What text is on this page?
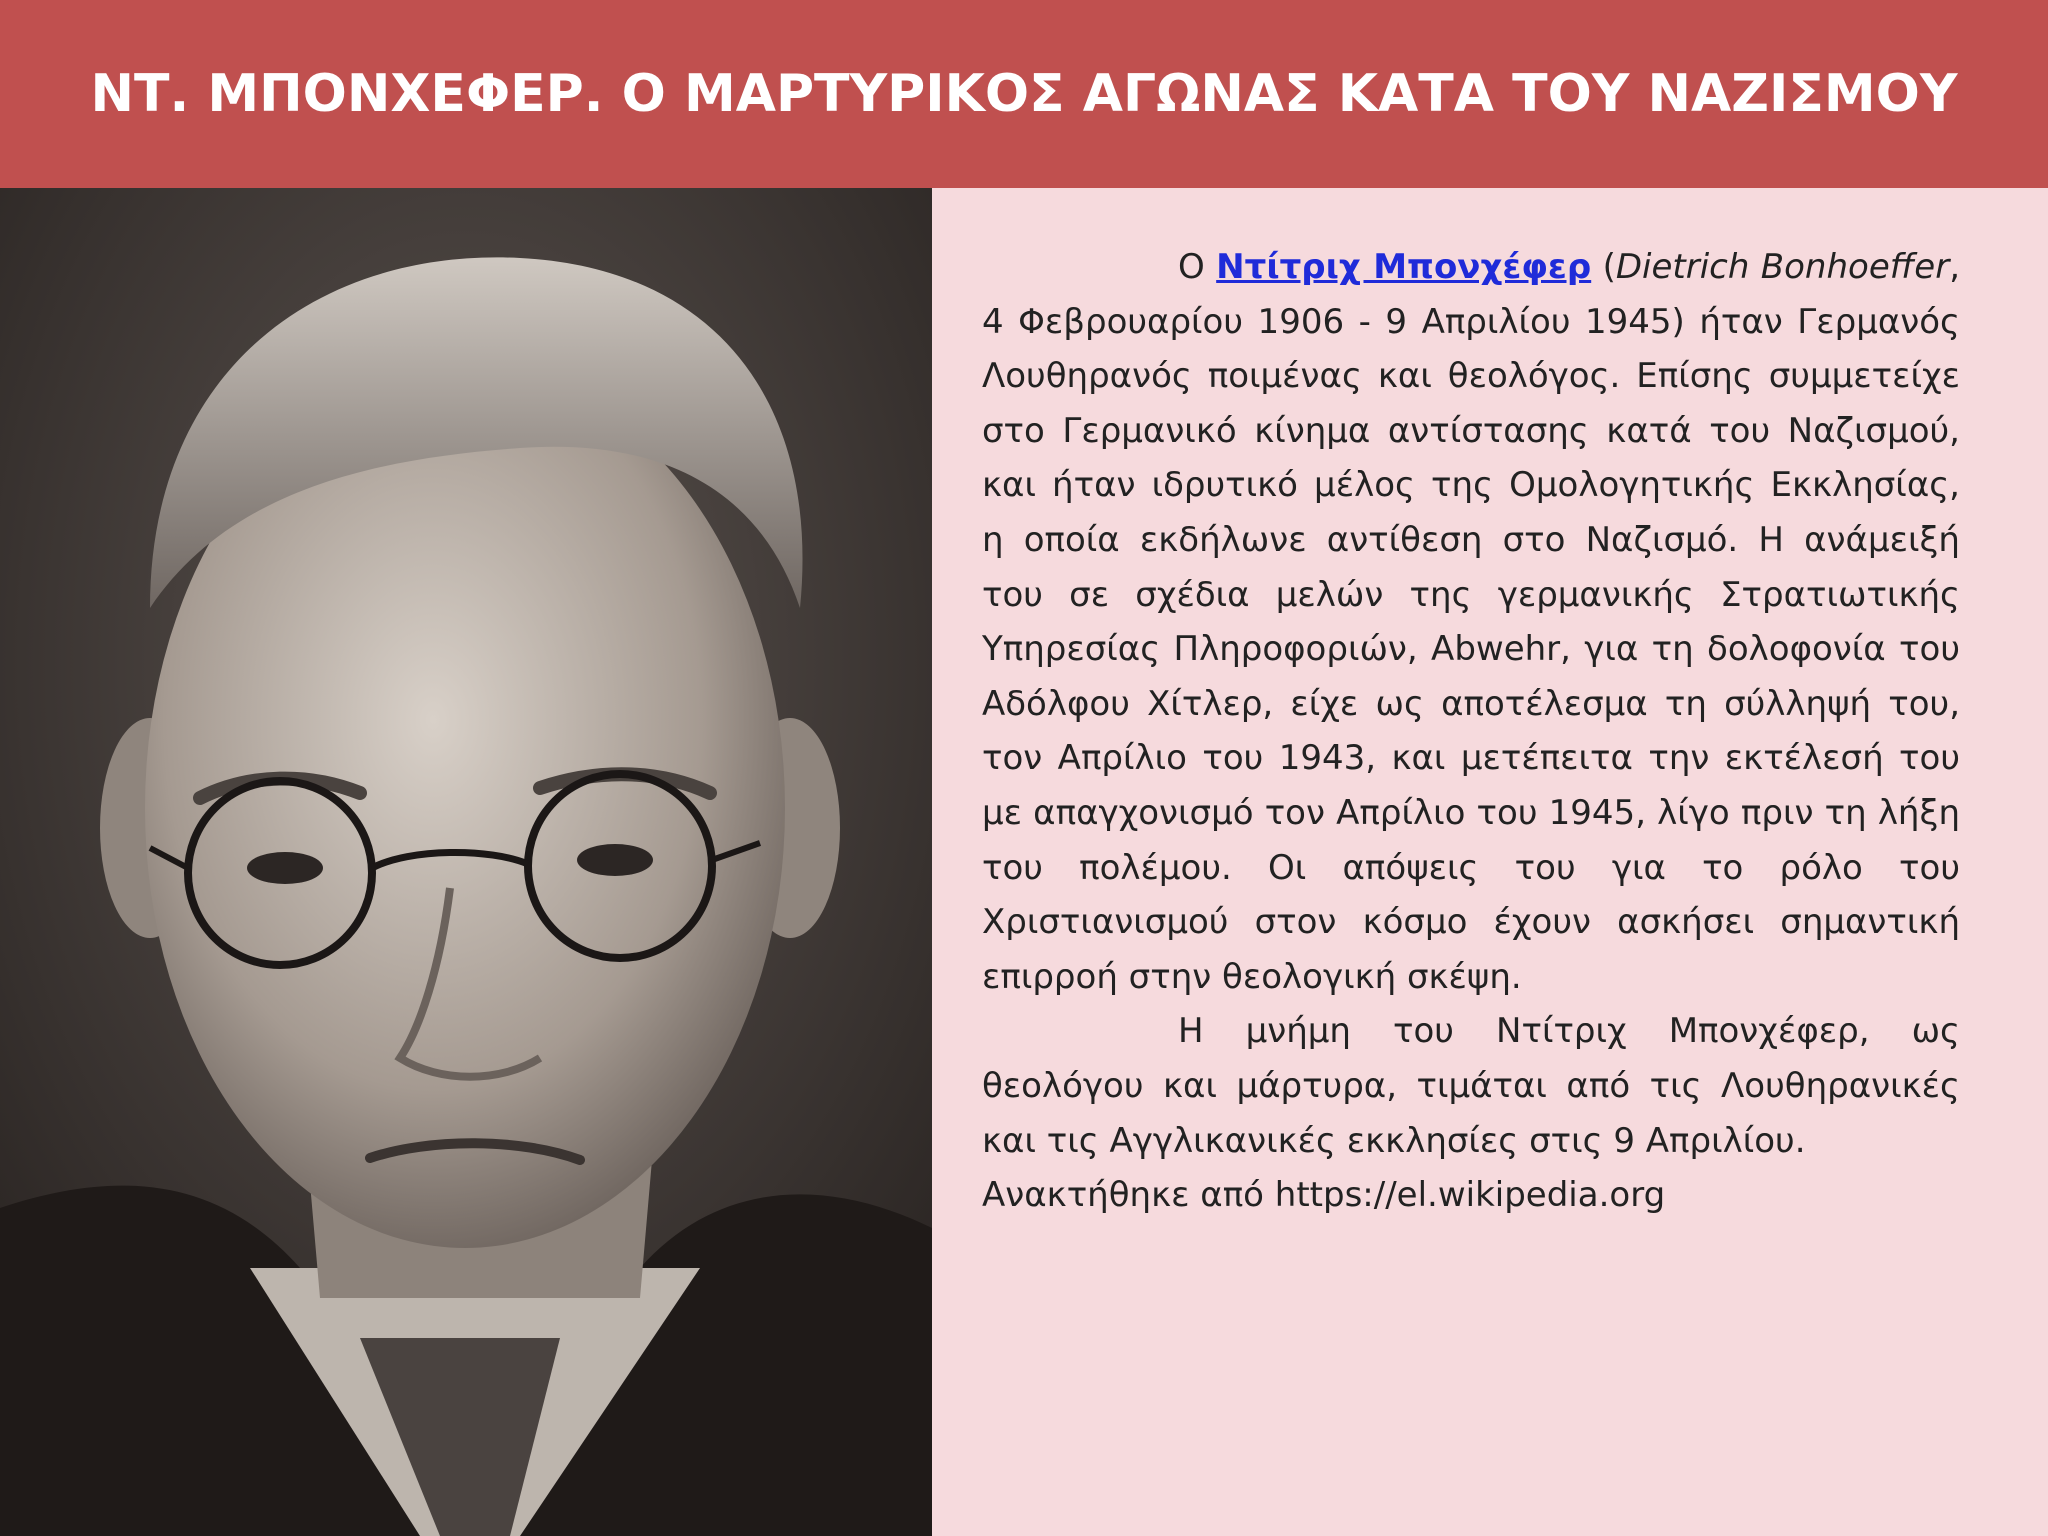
ΝΤ. ΜΠΟΝΧΕΦΕΡ. Ο ΜΑΡΤΥΡΙΚΟΣ ΑΓΩΝΑΣ ΚΑΤΑ ΤΟΥ ΝΑΖΙΣΜΟΥ

Ο Ντίτριχ Μπονχέφερ (Dietrich Bonhoeffer, 4 Φεβρουαρίου 1906 - 9 Απριλίου 1945) ήταν Γερμανός Λουθηρανός ποιμένας και θεολόγος. Επίσης συμμετείχε στο Γερμανικό κίνημα αντίστασης κατά του Ναζισμού, και ήταν ιδρυτικό μέλος της Ομολογητικής Εκκλησίας, η οποία εκδήλωνε αντίθεση στο Ναζισμό. Η ανάμειξή του σε σχέδια μελών της γερμανικής Στρατιωτικής Υπηρεσίας Πληροφοριών, Abwehr, για τη δολοφονία του Αδόλφου Χίτλερ, είχε ως αποτέλεσμα τη σύλληψή του, τον Απρίλιο του 1943, και μετέπειτα την εκτέλεσή του με απαγχονισμό τον Απρίλιο του 1945, λίγο πριν τη λήξη του πολέμου. Οι απόψεις του για το ρόλο του Χριστιανισμού στον κόσμο έχουν ασκήσει σημαντική επιρροή στην θεολογική σκέψη.

Η μνήμη του Ντίτριχ Μπονχέφερ, ως θεολόγου και μάρτυρα, τιμάται από τις Λουθηρανικές και τις Αγγλικανικές εκκλησίες στις 9 Απριλίου.

Ανακτήθηκε από https://el.wikipedia.org
